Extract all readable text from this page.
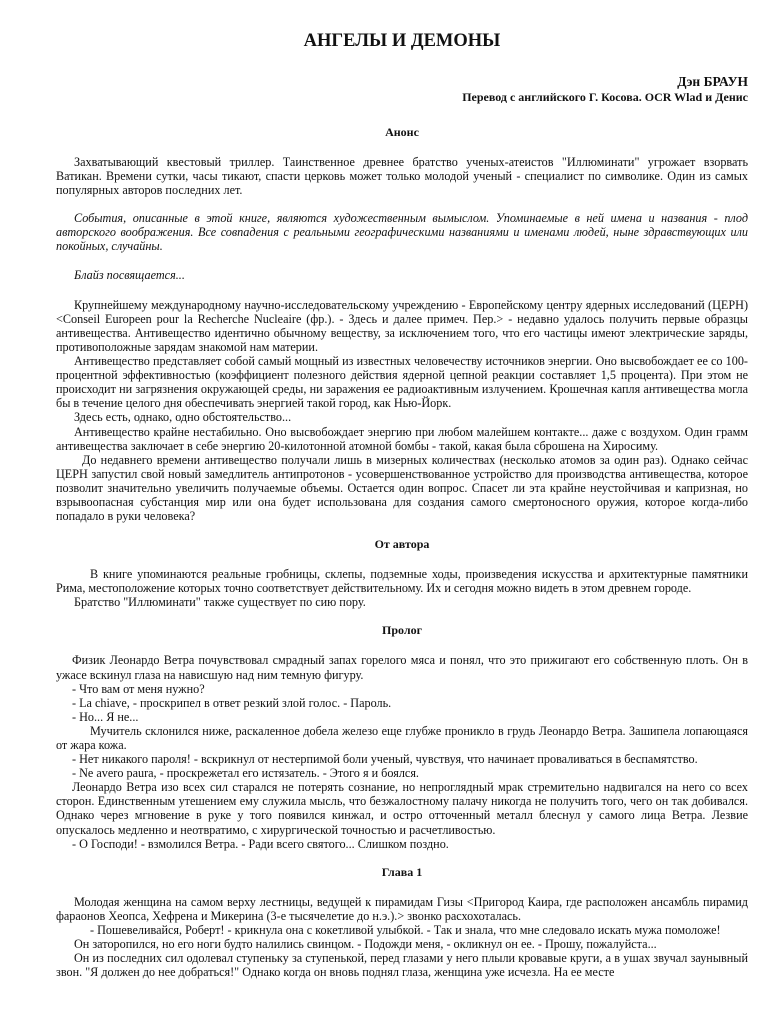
АНГЕЛЫ И ДЕМОНЫ

Дэн БРАУН

Перевод с английского Г. Косова. OCR Wlad и Денис

Анонс

Захватывающий квестовый триллер. Таинственное древнее братство ученых-атеистов "Иллюминати" угрожает взорвать Ватикан. Времени сутки, часы тикают, спасти церковь может только молодой ученый - специалист по символике. Один из самых популярных авторов последних лет.

События, описанные в этой книге, являются художественным вымыслом. Упоминаемые в ней имена и названия - плод авторского воображения. Все совпадения с реальными географическими названиями и именами людей, ныне здравствующих или покойных, случайны.

Блайз посвящается...

Крупнейшему международному научно-исследовательскому учреждению - Европейскому центру ядерных исследований (ЦЕРН) <Conseil Europeen pour la Recherche Nucleaire (фр.). - Здесь и далее примеч. Пер.> - недавно удалось получить первые образцы антивещества. Антивещество идентично обычному веществу, за исключением того, что его частицы имеют электрические заряды, противоположные зарядам знакомой нам материи.

Антивещество представляет собой самый мощный из известных человечеству источников энергии. Оно высвобождает ее со 100-процентной эффективностью (коэффициент полезного действия ядерной цепной реакции составляет 1,5 процента). При этом не происходит ни загрязнения окружающей среды, ни заражения ее радиоактивным излучением. Крошечная капля антивещества могла бы в течение целого дня обеспечивать энергией такой город, как Нью-Йорк.

Здесь есть, однако, одно обстоятельство...

Антивещество крайне нестабильно. Оно высвобождает энергию при любом малейшем контакте... даже с воздухом. Один грамм антивещества заключает в себе энергию 20-килотонной атомной бомбы - такой, какая была сброшена на Хиросиму.

До недавнего времени антивещество получали лишь в мизерных количествах (несколько атомов за один раз). Однако сейчас ЦЕРН запустил свой новый замедлитель антипротонов - усовершенствованное устройство для производства антивещества, которое позволит значительно увеличить получаемые объемы. Остается один вопрос. Спасет ли эта крайне неустойчивая и капризная, но взрывоопасная субстанция мир или она будет использована для создания самого смертоносного оружия, которое когда-либо попадало в руки человека?

От автора

В книге упоминаются реальные гробницы, склепы, подземные ходы, произведения искусства и архитектурные памятники Рима, местоположение которых точно соответствует действительному. Их и сегодня можно видеть в этом древнем городе.

Братство "Иллюминати" также существует по сию пору.

Пролог

Физик Леонардо Ветра почувствовал смрадный запах горелого мяса и понял, что это прижигают его собственную плоть. Он в ужасе вскинул глаза на нависшую над ним темную фигуру.

- Что вам от меня нужно?

- La chiave, - проскрипел в ответ резкий злой голос. - Пароль.

- Но... Я не...

Мучитель склонился ниже, раскаленное добела железо еще глубже проникло в грудь Леонардо Ветра. Зашипела лопающаяся от жара кожа.

- Нет никакого пароля! - вскрикнул от нестерпимой боли ученый, чувствуя, что начинает проваливаться в беспамятство.

- Ne avero paura, - проскрежетал его истязатель. - Этого я и боялся.

Леонардо Ветра изо всех сил старался не потерять сознание, но непроглядный мрак стремительно надвигался на него со всех сторон. Единственным утешением ему служила мысль, что безжалостному палачу никогда не получить того, чего он так добивался. Однако через мгновение в руке у того появился кинжал, и остро отточенный металл блеснул у самого лица Ветра. Лезвие опускалось медленно и неотвратимо, с хирургической точностью и расчетливостью.

- О Господи! - взмолился Ветра. - Ради всего святого... Слишком поздно.

Глава 1

Молодая женщина на самом верху лестницы, ведущей к пирамидам Гизы <Пригород Каира, где расположен ансамбль пирамид фараонов Хеопса, Хефрена и Микерина (3-е тысячелетие до н.э.).> звонко расхохоталась.

- Пошевеливайся, Роберт! - крикнула она с кокетливой улыбкой. - Так и знала, что мне следовало искать мужа помоложе!

Он заторопился, но его ноги будто налились свинцом. - Подожди меня, - окликнул он ее. - Прошу, пожалуйста...

Он из последних сил одолевал ступеньку за ступенькой, перед глазами у него плыли кровавые круги, а в ушах звучал заунывный звон. "Я должен до нее добраться!" Однако когда он вновь поднял глаза, женщина уже исчезла. На ее месте
